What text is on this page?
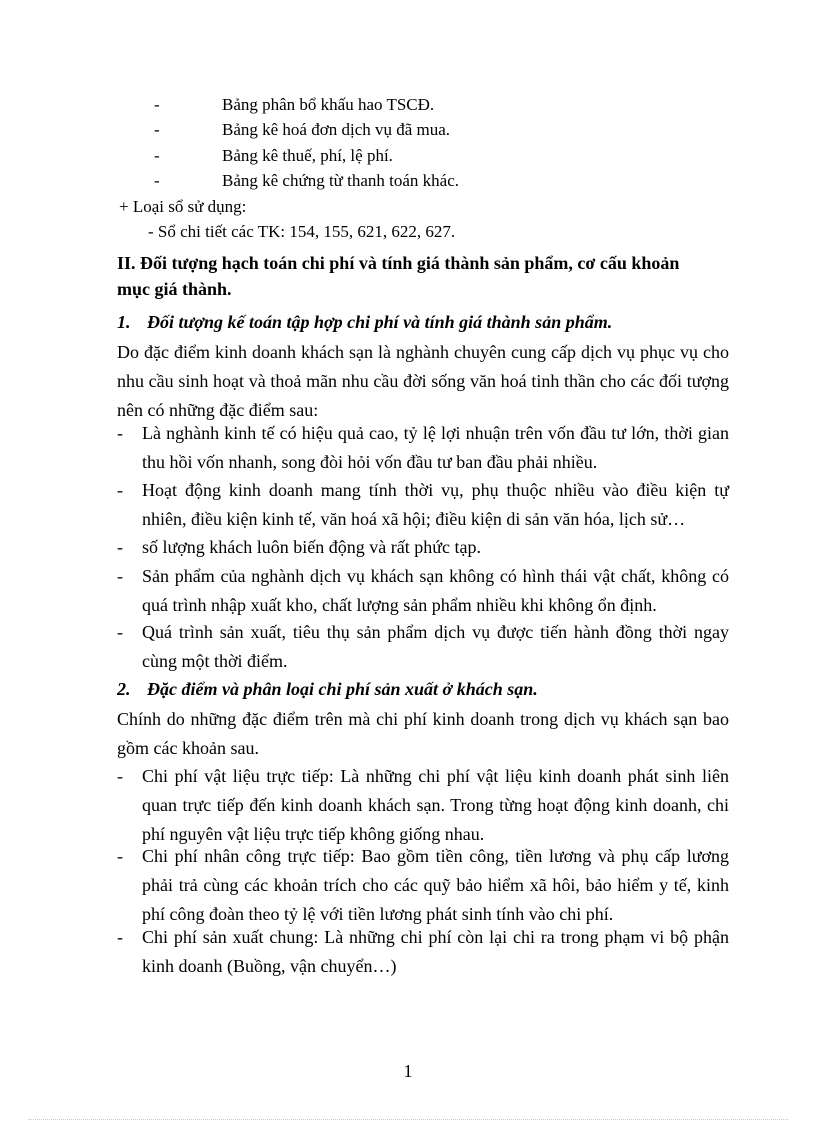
-	Bảng phân bổ khấu hao TSCĐ.
-	Bảng kê hoá đơn dịch vụ đã mua.
-	Bảng kê thuế, phí, lệ phí.
-	Bảng kê chứng từ thanh toán khác.
+ Loại sổ sử dụng:
- Sổ chi tiết các TK: 154, 155, 621, 622, 627.
II. Đối tượng hạch toán chi phí và tính giá thành sản phẩm, cơ cấu khoản
mục giá thành.
1. Đối tượng kế toán tập hợp chi phí và tính giá thành sản phẩm.
Do đặc điểm kinh doanh khách sạn là nghành chuyên cung cấp dịch vụ phục vụ cho nhu cầu sinh hoạt và thoả mãn nhu cầu đời sống văn hoá tinh thần cho các đối tượng nên có những đặc điểm sau:
- Là nghành kinh tế có hiệu quả cao, tỷ lệ lợi nhuận trên vốn đầu tư lớn, thời gian thu hồi vốn nhanh, song đòi hỏi vốn đầu tư ban đầu phải nhiều.
- Hoạt động kinh doanh mang tính thời vụ, phụ thuộc nhiều vào điều kiện tự nhiên, điều kiện kinh tế, văn hoá xã hội; điều kiện di sản văn hóa, lịch sử…
- số lượng khách luôn biến động và rất phức tạp.
- Sản phẩm của nghành dịch vụ khách sạn không có hình thái vật chất, không có quá trình nhập xuất kho, chất lượng sản phẩm nhiều khi không ổn định.
- Quá trình sản xuất, tiêu thụ sản phẩm dịch vụ được tiến hành đồng thời ngay cùng một thời điểm.
2. Đặc điểm và phân loại chi phí sản xuất ở khách sạn.
Chính do những đặc điểm trên mà chi phí kinh doanh trong dịch vụ khách sạn bao gồm các khoản sau.
- Chi phí vật liệu trực tiếp: Là những chi phí vật liệu kinh doanh phát sinh liên quan trực tiếp đến kinh doanh khách sạn. Trong từng hoạt động kinh doanh, chi phí nguyên vật liệu trực tiếp không giống nhau.
- Chi phí nhân công trực tiếp: Bao gồm tiền công, tiền lương và phụ cấp lương phải trả cùng các khoản trích cho các quỹ bảo hiểm xã hôi, bảo hiểm y tế, kinh phí công đoàn theo tỷ lệ với tiền lương phát sinh tính vào chi phí.
- Chi phí sản xuất chung: Là những chi phí còn lại chi ra trong phạm vi bộ phận kinh doanh (Buồng, vận chuyển…)
1
